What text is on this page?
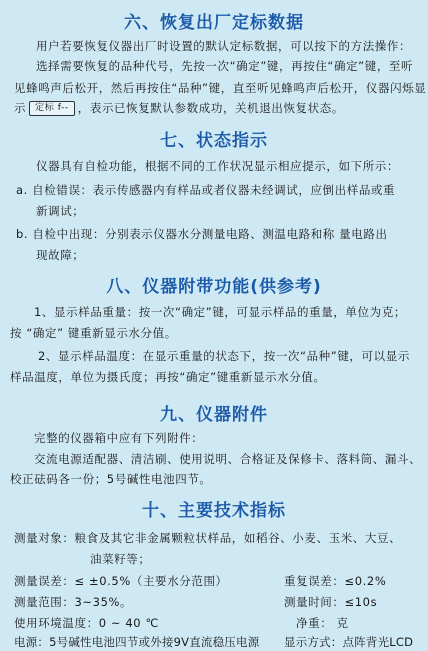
六、恢复出厂定标数据
用户若要恢复仪器出厂时设置的默认定标数据，可以按下的方法操作：
选择需要恢复的品种代号，先按一次“确定”键，再按住“确定”键，至听
见蜂鸣声后松开，然后再按住“品种”键，直至听见蜂鸣声后松开，仪器闪烁显
示 定标 f-- ，表示已恢复默认参数成功，关机退出恢复状态。
七、状态指示
仪器具有自检功能，根据不同的工作状况显示相应提示，如下所示：
a. 自检错误：表示传感器内有样品或者仪器未经调试，应倒出样品或重
新调试；
b. 自检中出现：分别表示仪器水分测量电路、测温电路和称 量电路出
现故障；
八、仪器附带功能(供参考)
1、显示样品重量：按一次“确定”键，可显示样品的重量，单位为克；
按 “确定” 键重新显示水分值。
2、显示样品温度：在显示重量的状态下，按一次“品种”键，可以显示
样品温度，单位为摄氏度；再按“确定”键重新显示水分值。
九、仪器附件
完整的仪器箱中应有下列附件：
交流电源适配器、清洁刷、使用说明、合格证及保修卡、落料筒、漏斗、
校正砝码各一份；5号碱性电池四节。
十、主要技术指标
测量对象：粮食及其它非金属颗粒状样品，如稻谷、小麦、玉米、大豆、
油菜籽等；
测量误差：≤ ±0.5%（主要水分范围）	重复误差：≤0.2%
测量范围：3~35%。	测量时间：≤10s
使用环境温度：0 ~ 40 ℃	净重： 克
电源：5号碱性电池四节或外接9V直流稳压电源 显示方式：点阵背光LCD
